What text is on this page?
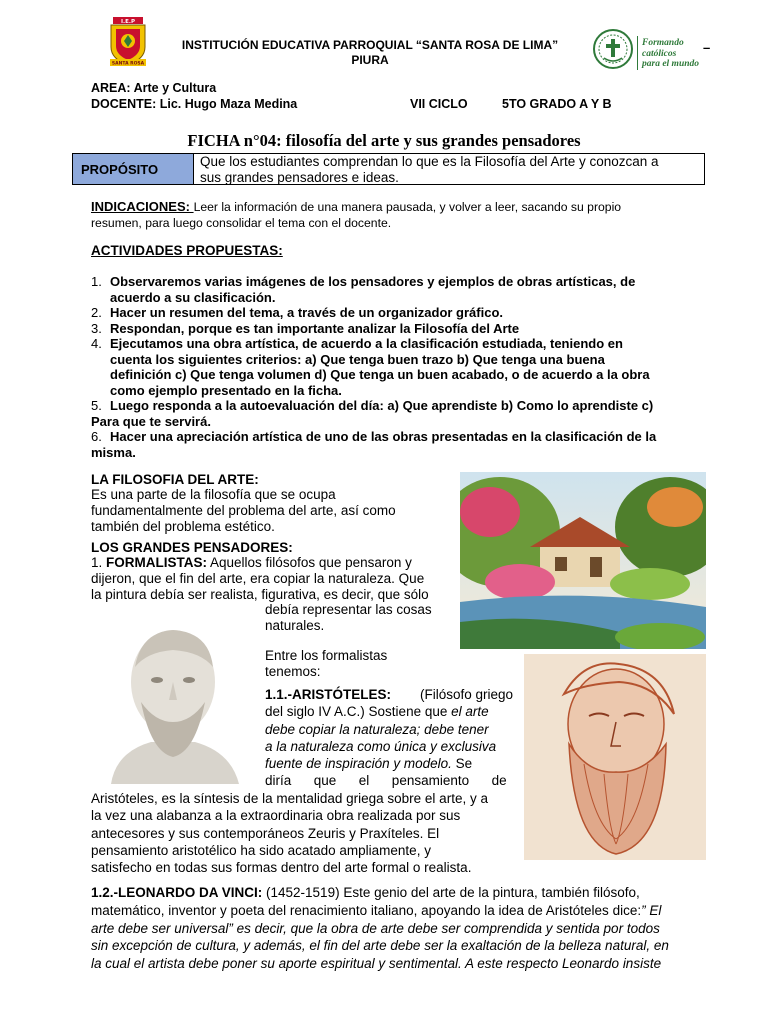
I.E.P
SANTA ROSA
INSTITUCIÓN EDUCATIVA PARROQUIAL “SANTA ROSA DE LIMA”
PIURA
Formando
católicos
para el mundo
–
AREA: Arte y Cultura
DOCENTE: Lic. Hugo Maza Medina	VII CICLO	5TO GRADO A Y B
FICHA n°04: filosofía del arte y sus grandes pensadores
PROPÓSITO	Que los estudiantes comprendan lo que es la Filosofía del Arte y conozcan a
sus grandes pensadores e ideas.
INDICACIONES: Leer la información de una manera pausada, y volver a leer, sacando su propio
resumen, para luego consolidar el tema con el docente.
ACTIVIDADES PROPUESTAS:
1. Observaremos varias imágenes de los pensadores y ejemplos de obras artísticas, de
acuerdo a su clasificación.
2. Hacer un resumen del tema, a través de un organizador gráfico.
3. Respondan, porque es tan importante analizar la Filosofía del Arte
4. Ejecutamos una obra artística, de acuerdo a la clasificación estudiada, teniendo en
cuenta los siguientes criterios: a) Que tenga buen trazo b) Que tenga una buena
definición c) Que tenga volumen d) Que tenga un buen acabado, o de acuerdo a la obra
como ejemplo presentado en la ficha.
5. Luego responda a la autoevaluación del día: a) Que aprendiste b) Como lo aprendiste c)
Para que te servirá.
6. Hacer una apreciación artística de uno de las obras presentadas en la clasificación de la
misma.
LA FILOSOFIA DEL ARTE:
Es una parte de la filosofía que se ocupa
fundamentalmente del problema del arte, así como
también del problema estético.
LOS GRANDES PENSADORES:
1. FORMALISTAS: Aquellos filósofos que pensaron y
dijeron, que el fin del arte, era copiar la naturaleza. Que
la pintura debía ser realista, figurativa, es decir, que sólo
debía representar las cosas
naturales.
Entre los formalistas
tenemos:
1.1.-ARISTÓTELES: (Filósofo griego
del siglo IV A.C.) Sostiene que el arte
debe copiar la naturaleza; debe tener
a la naturaleza como única y exclusiva
fuente de inspiración y modelo. Se
diría      que      el      pensamiento      de
Aristóteles, es la síntesis de la mentalidad griega sobre el arte, y a
la vez una alabanza a la extraordinaria obra realizada por sus
antecesores y sus contemporáneos Zeuris y Praxíteles. El
pensamiento aristotélico ha sido acatado ampliamente, y
satisfecho en todas sus formas dentro del arte formal o realista.
1.2.-LEONARDO DA VINCI: (1452-1519) Este genio del arte de la pintura, también filósofo,
matemático, inventor y poeta del renacimiento italiano, apoyando la idea de Aristóteles dice:” El
arte debe ser universal” es decir, que la obra de arte debe ser comprendida y sentida por todos
sin excepción de cultura, y además, el fin del arte debe ser la exaltación de la belleza natural, en
la cual el artista debe poner su aporte espiritual y sentimental. A este respecto Leonardo insiste
